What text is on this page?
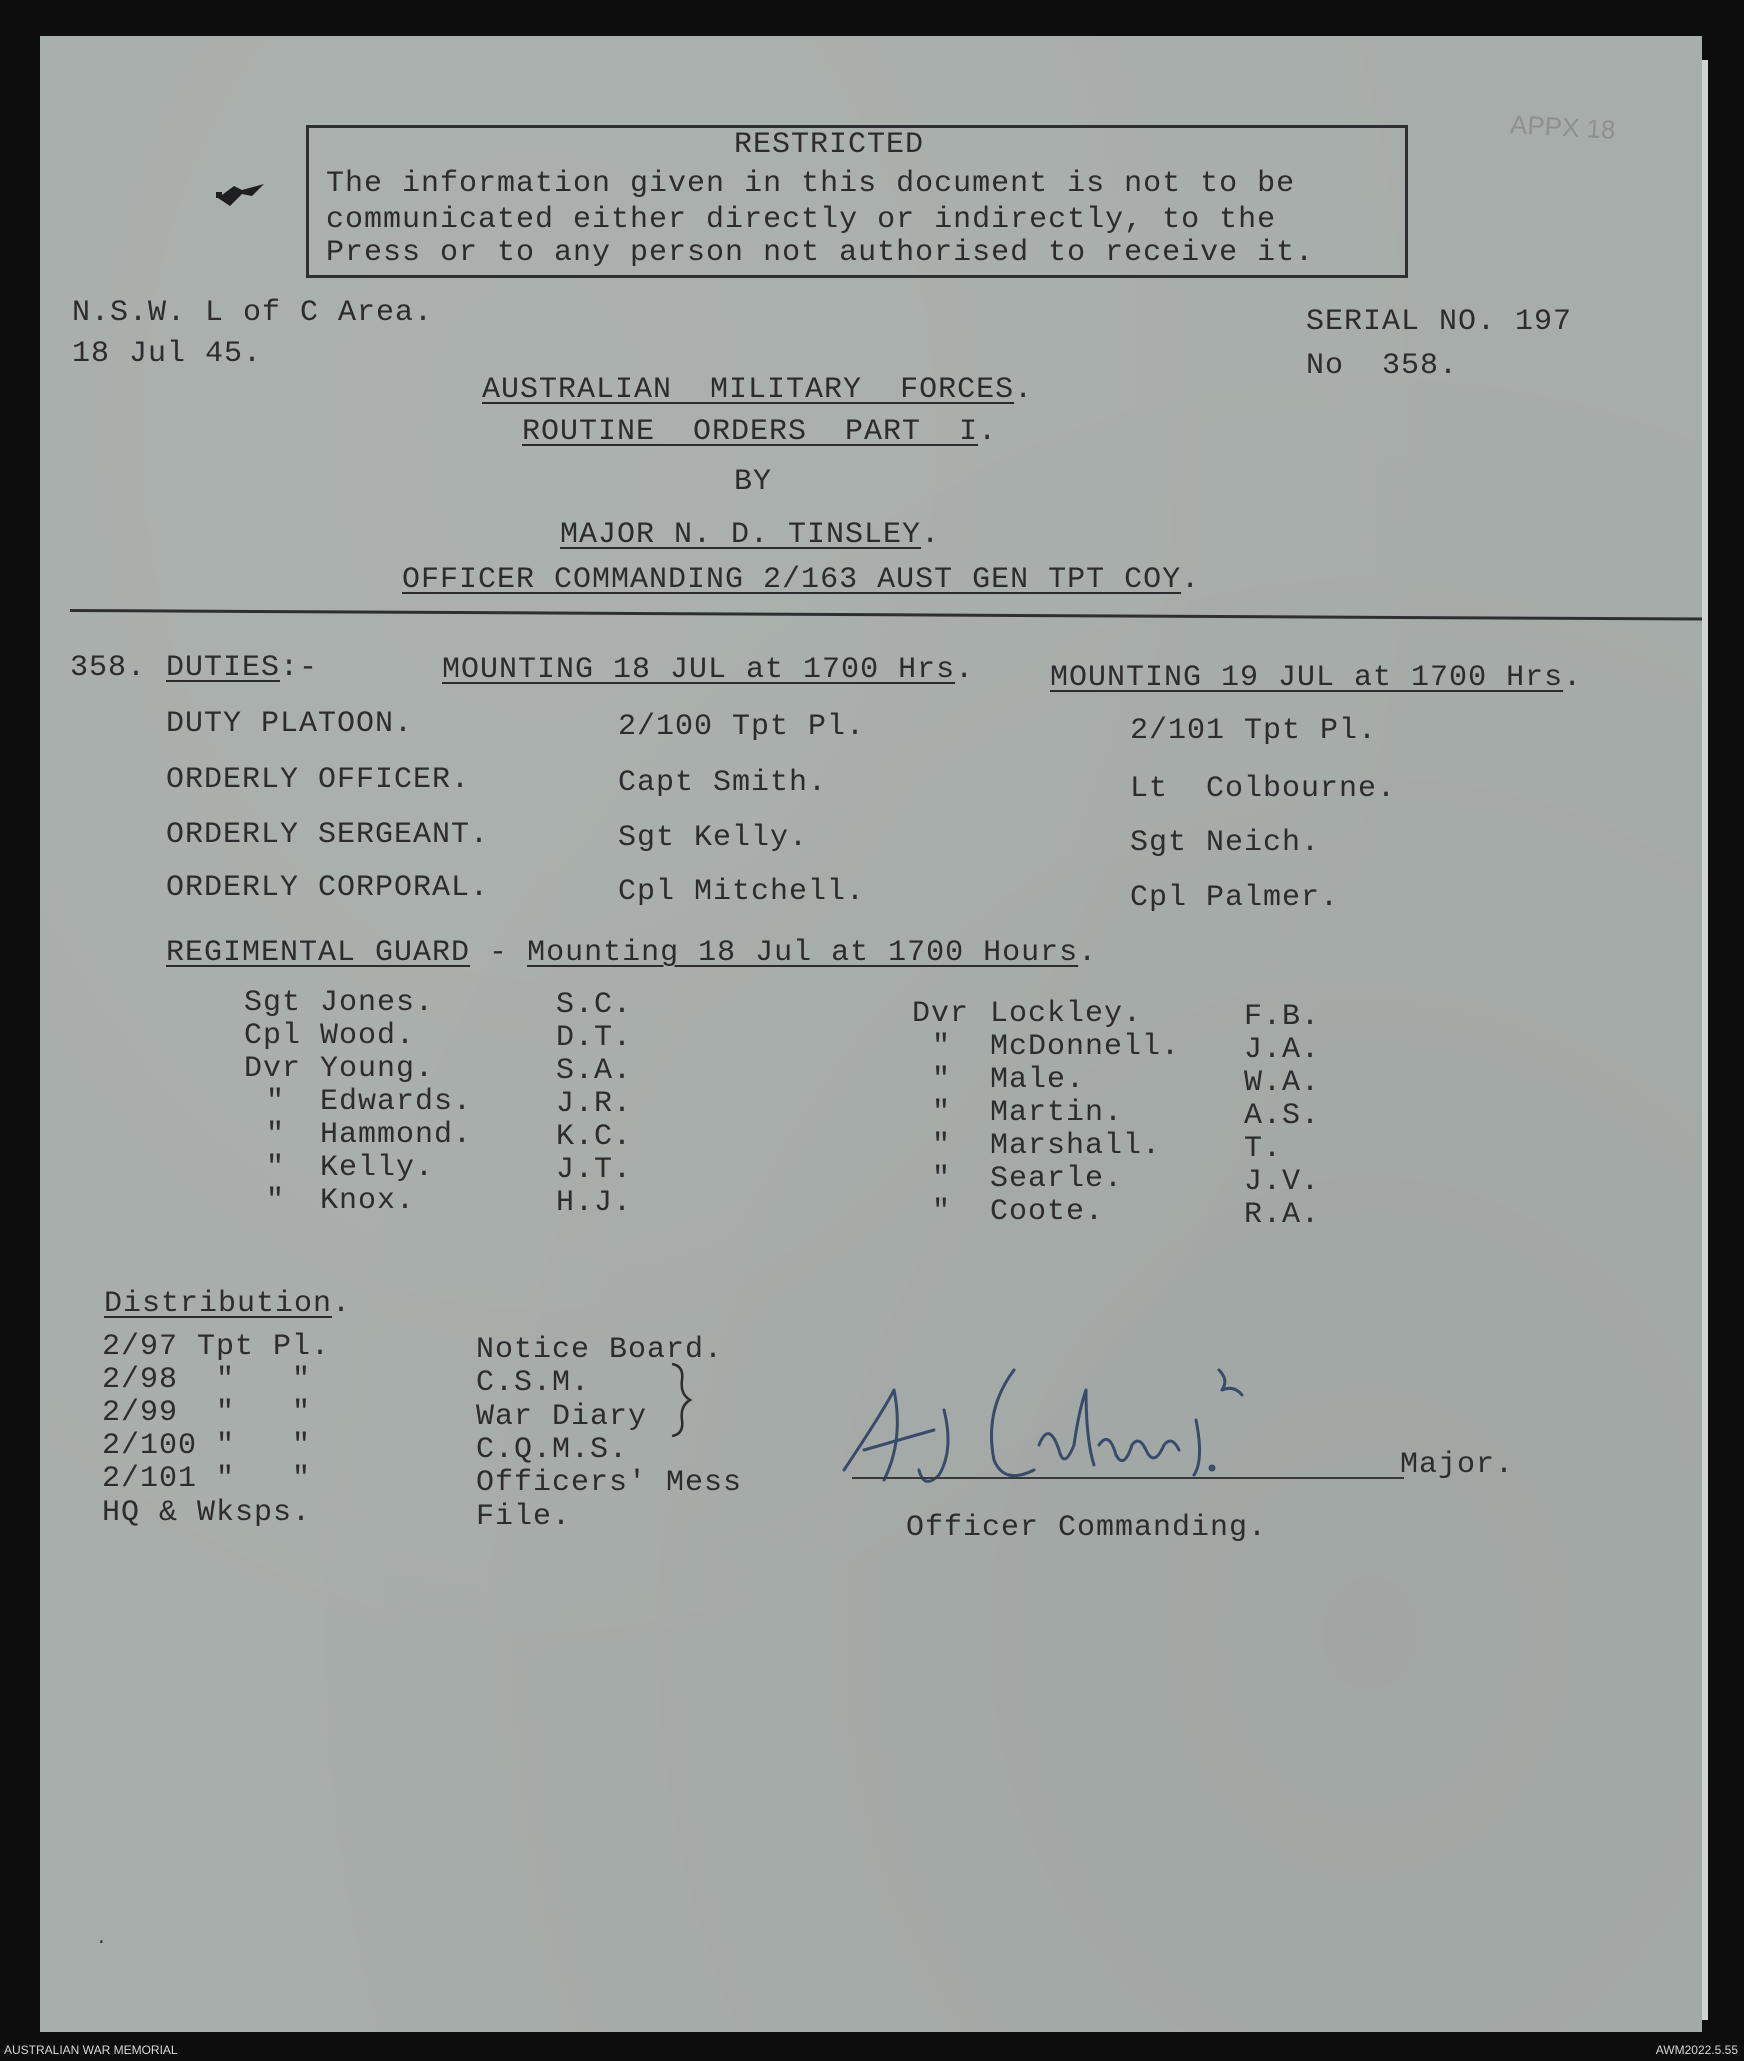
APPX 18
RESTRICTED
The information given in this document is not to be
communicated either directly or indirectly, to the
Press or to any person not authorised to receive it.
N.S.W. L of C Area.
18 Jul 45.
SERIAL NO. 197
No  358.
AUSTRALIAN  MILITARY  FORCES.
ROUTINE  ORDERS  PART  I.
BY
MAJOR N. D. TINSLEY.
OFFICER COMMANDING 2/163 AUST GEN TPT COY.
358. DUTIES:-	MOUNTING 18 JUL at 1700 Hrs.	MOUNTING 19 JUL at 1700 Hrs.
DUTY PLATOON.	2/100 Tpt Pl.	2/101 Tpt Pl.
ORDERLY OFFICER.	Capt Smith.	Lt  Colbourne.
ORDERLY SERGEANT.	Sgt Kelly.	Sgt Neich.
ORDERLY CORPORAL.	Cpl Mitchell.	Cpl Palmer.
REGIMENTAL GUARD - Mounting 18 Jul at 1700 Hours.
Sgt Jones.	S.C.
Cpl Wood.	D.T.
Dvr Young.	S.A.
" Edwards.	J.R.
" Hammond.	K.C.
" Kelly.	J.T.
" Knox.	H.J.
Dvr Lockley.	F.B.
" McDonnell. J.A.
" Male.	W.A.
" Martin.	A.S.
" Marshall.	T.
" Searle.	J.V.
" Coote.	R.A.
Distribution.
2/97 Tpt Pl.
2/98  "   "
2/99  "   "
2/100 "   "
2/101 "   "
HQ & Wksps.
Notice Board.
C.S.M.
War Diary
C.Q.M.S.
Officers' Mess
File.
Major.
Officer Commanding.
·
AUSTRALIAN WAR MEMORIAL	AWM2022.5.55
